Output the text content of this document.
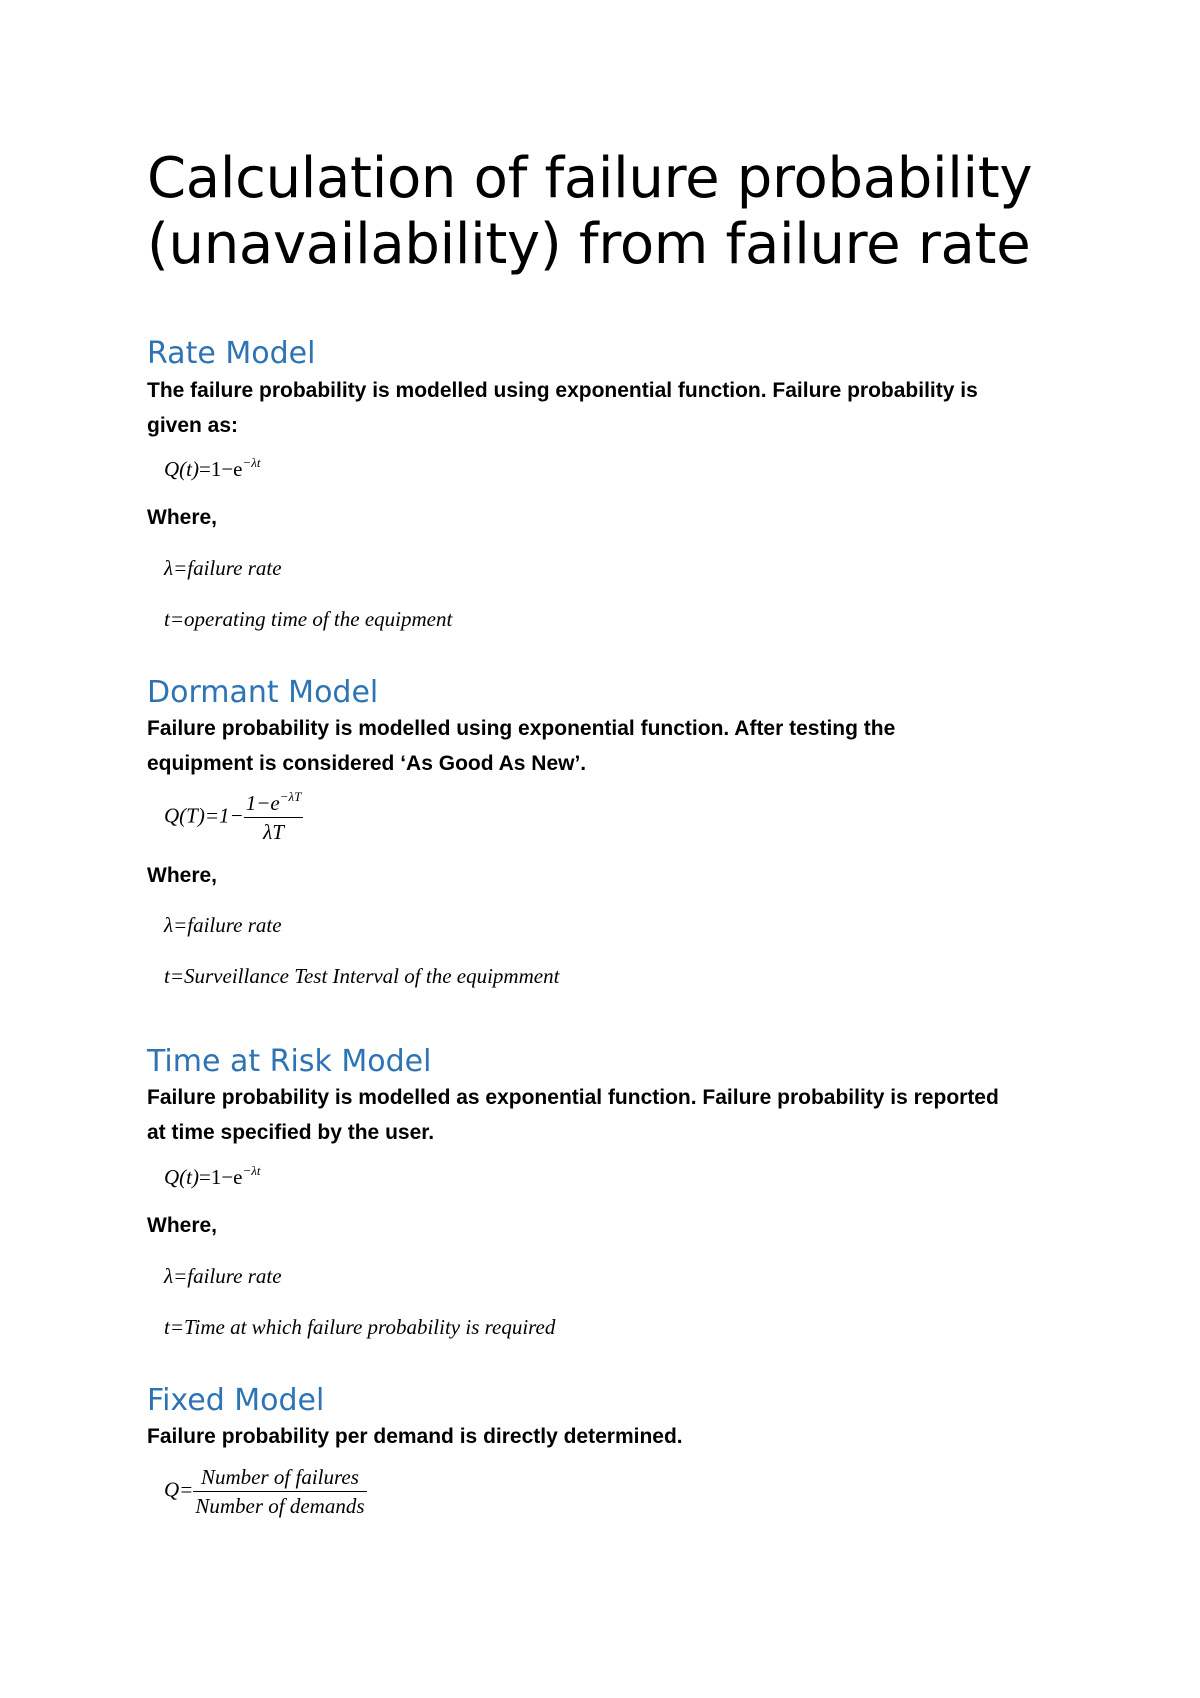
Calculation of failure probability
(unavailability) from failure rate
Rate Model

The failure probability is modelled using exponential function. Failure probability is
given as:

$Q(t)=1-e^{-\lambda t}$

Where,

λ=failure rate
t=operating time of the equipment
Dormant Model

Failure probability is modelled using exponential function. After testing the
equipment is considered ‘As Good As New’.

$Q(T)=1- \frac{1-e^{-\lambda T}}{\lambda T}$

Where,

λ=failure rate
t=Surveillance Test Interval of the equipmment
Time at Risk Model

Failure probability is modelled as exponential function. Failure probability is reported
at time specified by the user.

$Q(t)=1-e^{-\lambda t}$

Where,

λ=failure rate
t=Time at which failure probability is required
Fixed Model

Failure probability per demand is directly determined.

$Q= \frac{\text{Number of failures}}{\text{Number of demands}}$
